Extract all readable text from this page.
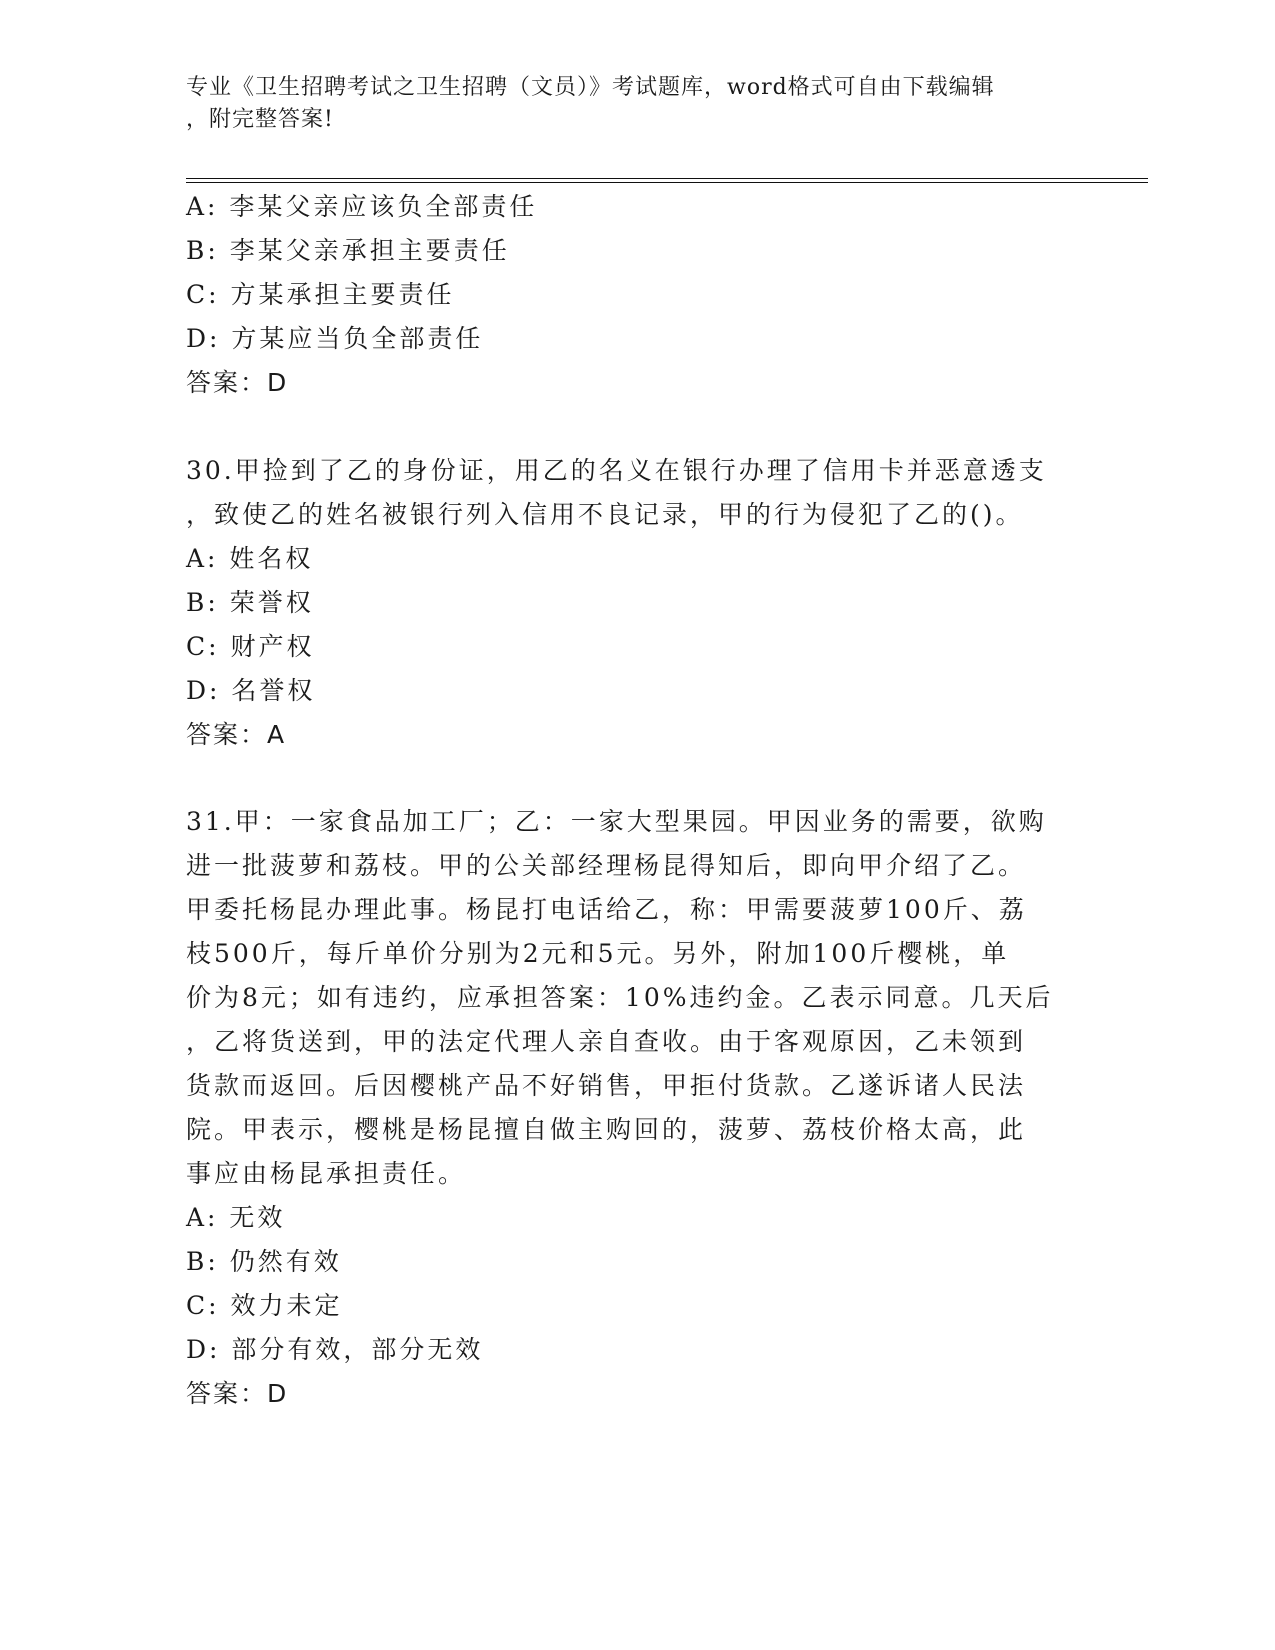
专业《卫生招聘考试之卫生招聘（文员）》考试题库，word格式可自由下载编辑
，附完整答案!
A: 李某父亲应该负全部责任
B: 李某父亲承担主要责任
C: 方某承担主要责任
D: 方某应当负全部责任
答案：D
30.甲捡到了乙的身份证，用乙的名义在银行办理了信用卡并恶意透支
，致使乙的姓名被银行列入信用不良记录，甲的行为侵犯了乙的()。
A: 姓名权
B: 荣誉权
C: 财产权
D: 名誉权
答案：A
31.甲：一家食品加工厂；乙：一家大型果园。甲因业务的需要，欲购
进一批菠萝和荔枝。甲的公关部经理杨昆得知后，即向甲介绍了乙。
甲委托杨昆办理此事。杨昆打电话给乙，称：甲需要菠萝100斤、荔
枝500斤，每斤单价分别为2元和5元。另外，附加100斤樱桃，单
价为8元；如有违约，应承担答案：10%违约金。乙表示同意。几天后
，乙将货送到，甲的法定代理人亲自查收。由于客观原因，乙未领到
货款而返回。后因樱桃产品不好销售，甲拒付货款。乙遂诉诸人民法
院。甲表示，樱桃是杨昆擅自做主购回的，菠萝、荔枝价格太高，此
事应由杨昆承担责任。
A: 无效
B: 仍然有效
C: 效力未定
D: 部分有效，部分无效
答案：D
